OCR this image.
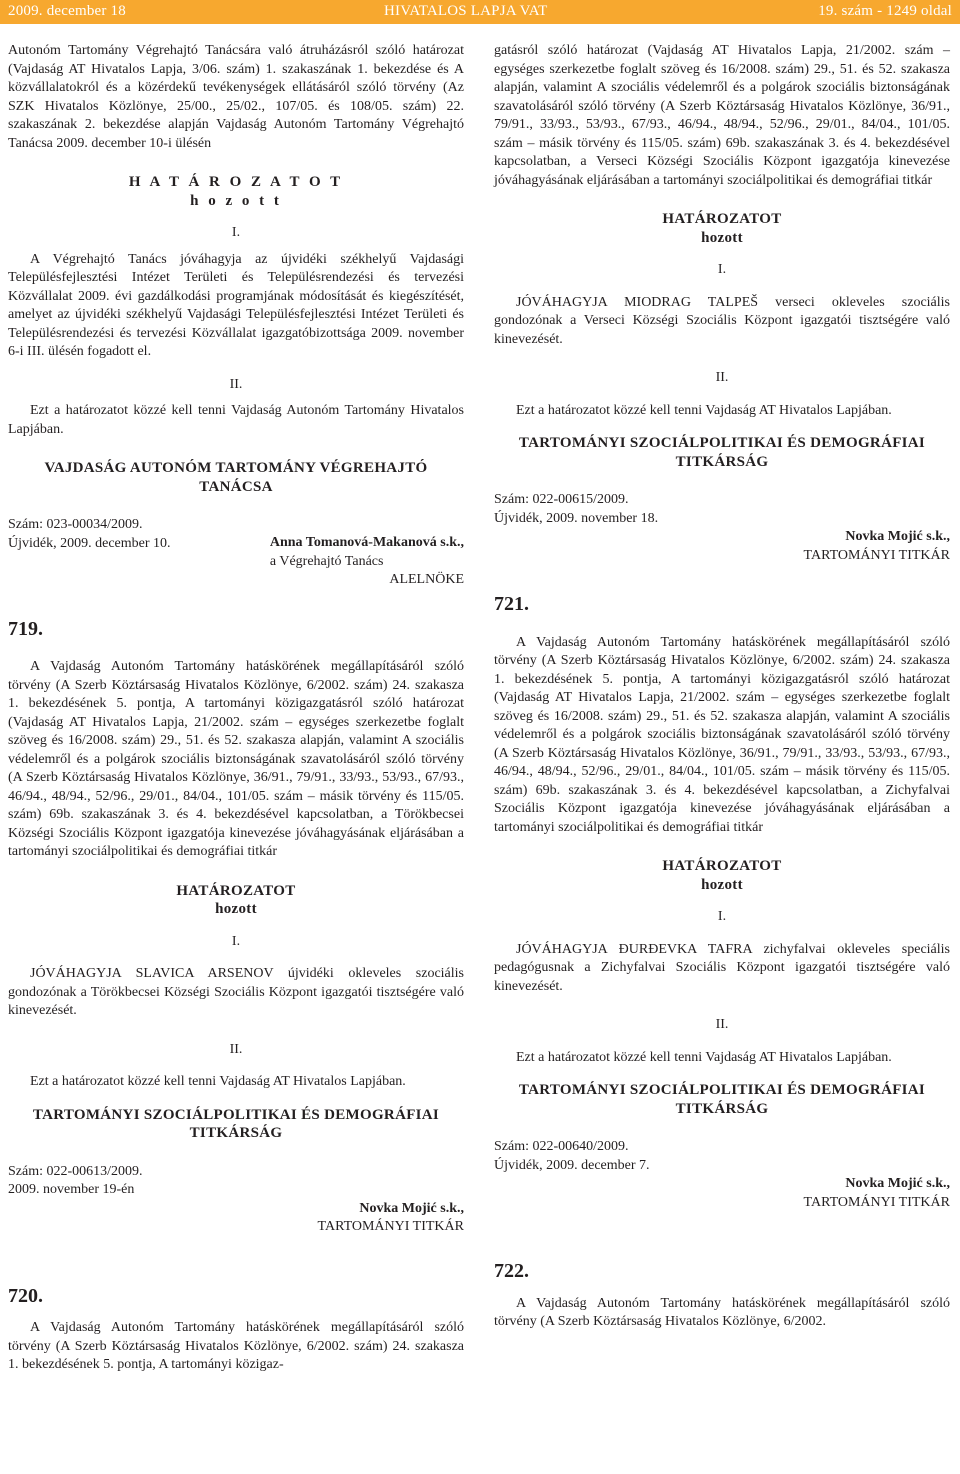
2009. december 18	HIVATALOS LAPJA VAT	19. szám - 1249 oldal

Autonóm Tartomány Végrehajtó Tanácsára való átruházásról szóló határozat (Vajdaság AT Hivatalos Lapja, 3/06. szám) 1. szakaszának 1. bekezdése és A közvállalatokról és a közérdekű tevékenységek ellátásáról szóló törvény (Az SZK Hivatalos Közlönye, 25/00., 25/02., 107/05. és 108/05. szám) 22. szakaszának 2. bekezdése alapján Vajdaság Autonóm Tartomány Végrehajtó Tanácsa 2009. december 10-i ülésén

H A T Á R O Z A T O T

h o z o t t

I.

A Végrehajtó Tanács jóváhagyja az újvidéki székhelyű Vajdasági Településfejlesztési Intézet Területi és Településrendezési és tervezési Közvállalat 2009. évi gazdálkodási programjának módosítását és kiegészítését, amelyet az újvidéki székhelyű Vajdasági Településfejlesztési Intézet Területi és Településrendezési és tervezési Közvállalat igazgatóbizottsága 2009. november 6-i III. ülésén fogadott el.

II.

Ezt a határozatot közzé kell tenni Vajdaság Autonóm Tartomány Hivatalos Lapjában.

VAJDASÁG AUTONÓM TARTOMÁNY VÉGREHAJTÓ TANÁCSA

Szám: 023-00034/2009.

Újvidék, 2009. december 10.	Anna Tomanová-Makanová s.k.,

a Végrehajtó Tanács

ALELNÖKE

719.

A Vajdaság Autonóm Tartomány hatáskörének megállapításáról szóló törvény (A Szerb Köztársaság Hivatalos Közlönye, 6/2002. szám) 24. szakasza 1. bekezdésének 5. pontja, A tartományi közigazgatásról szóló határozat (Vajdaság AT Hivatalos Lapja, 21/2002. szám – egységes szerkezetbe foglalt szöveg és 16/2008. szám) 29., 51. és 52. szakasza alapján, valamint A szociális védelemről és a polgárok szociális biztonságának szavatolásáról szóló törvény (A Szerb Köztársaság Hivatalos Közlönye, 36/91., 79/91., 33/93., 53/93., 67/93., 46/94., 48/94., 52/96., 29/01., 84/04., 101/05. szám – másik törvény és 115/05. szám) 69b. szakaszának 3. és 4. bekezdésével kapcsolatban, a Törökbecsei Községi Szociális Központ igazgatója kinevezése jóváhagyásának eljárásában a tartományi szociálpolitikai és demográfiai titkár

HATÁROZATOT

hozott

I.

JÓVÁHAGYJA SLAVICA ARSENOV újvidéki okleveles szociális gondozónak a Törökbecsei Községi Szociális Központ igazgatói tisztségére való kinevezését.

II.

Ezt a határozatot közzé kell tenni Vajdaság AT Hivatalos Lapjában.

TARTOMÁNYI SZOCIÁLPOLITIKAI ÉS DEMOGRÁFIAI TITKÁRSÁG

Szám: 022-00613/2009.

2009. november 19-én

Novka Mojić s.k.,

TARTOMÁNYI TITKÁR

720.

A Vajdaság Autonóm Tartomány hatáskörének megállapításáról szóló törvény (A Szerb Köztársaság Hivatalos Közlönye, 6/2002. szám) 24. szakasza 1. bekezdésének 5. pontja, A tartományi közigaz-

gatásról szóló határozat (Vajdaság AT Hivatalos Lapja, 21/2002. szám – egységes szerkezetbe foglalt szöveg és 16/2008. szám) 29., 51. és 52. szakasza alapján, valamint A szociális védelemről és a polgárok szociális biztonságának szavatolásáról szóló törvény (A Szerb Köztársaság Hivatalos Közlönye, 36/91., 79/91., 33/93., 53/93., 67/93., 46/94., 48/94., 52/96., 29/01., 84/04., 101/05. szám – másik törvény és 115/05. szám) 69b. szakaszának 3. és 4. bekezdésével kapcsolatban, a Verseci Községi Szociális Központ igazgatója kinevezése jóváhagyásának eljárásában a tartományi szociálpolitikai és demográfiai titkár

HATÁROZATOT

hozott

I.

JÓVÁHAGYJA MIODRAG TALPEŠ verseci okleveles szociális gondozónak a Verseci Községi Szociális Központ igazgatói tisztségére való kinevezését.

II.

Ezt a határozatot közzé kell tenni Vajdaság AT Hivatalos Lapjában.

TARTOMÁNYI SZOCIÁLPOLITIKAI ÉS DEMOGRÁFIAI TITKÁRSÁG

Szám: 022-00615/2009.

Újvidék, 2009. november 18.

Novka Mojić s.k.,

TARTOMÁNYI TITKÁR

721.

A Vajdaság Autonóm Tartomány hatáskörének megállapításáról szóló törvény (A Szerb Köztársaság Hivatalos Közlönye, 6/2002. szám) 24. szakasza 1. bekezdésének 5. pontja, A tartományi közigazgatásról szóló határozat (Vajdaság AT Hivatalos Lapja, 21/2002. szám – egységes szerkezetbe foglalt szöveg és 16/2008. szám) 29., 51. és 52. szakasza alapján, valamint A szociális védelemről és a polgárok szociális biztonságának szavatolásáról szóló törvény (A Szerb Köztársaság Hivatalos Közlönye, 36/91., 79/91., 33/93., 53/93., 67/93., 46/94., 48/94., 52/96., 29/01., 84/04., 101/05. szám – másik törvény és 115/05. szám) 69b. szakaszának 3. és 4. bekezdésével kapcsolatban, a Zichyfalvai Szociális Központ igazgatója kinevezése jóváhagyásának eljárásában a tartományi szociálpolitikai és demográfiai titkár

HATÁROZATOT

hozott

I.

JÓVÁHAGYJA ĐURĐEVKA TAFRA zichyfalvai okleveles speciális pedagógusnak a Zichyfalvai Szociális Központ igazgatói tisztségére való kinevezését.

II.

Ezt a határozatot közzé kell tenni Vajdaság AT Hivatalos Lapjában.

TARTOMÁNYI SZOCIÁLPOLITIKAI ÉS DEMOGRÁFIAI TITKÁRSÁG

Szám: 022-00640/2009.

Újvidék, 2009. december 7.

Novka Mojić s.k.,

TARTOMÁNYI TITKÁR

722.

A Vajdaság Autonóm Tartomány hatáskörének megállapításáról szóló törvény (A Szerb Köztársaság Hivatalos Közlönye, 6/2002.
